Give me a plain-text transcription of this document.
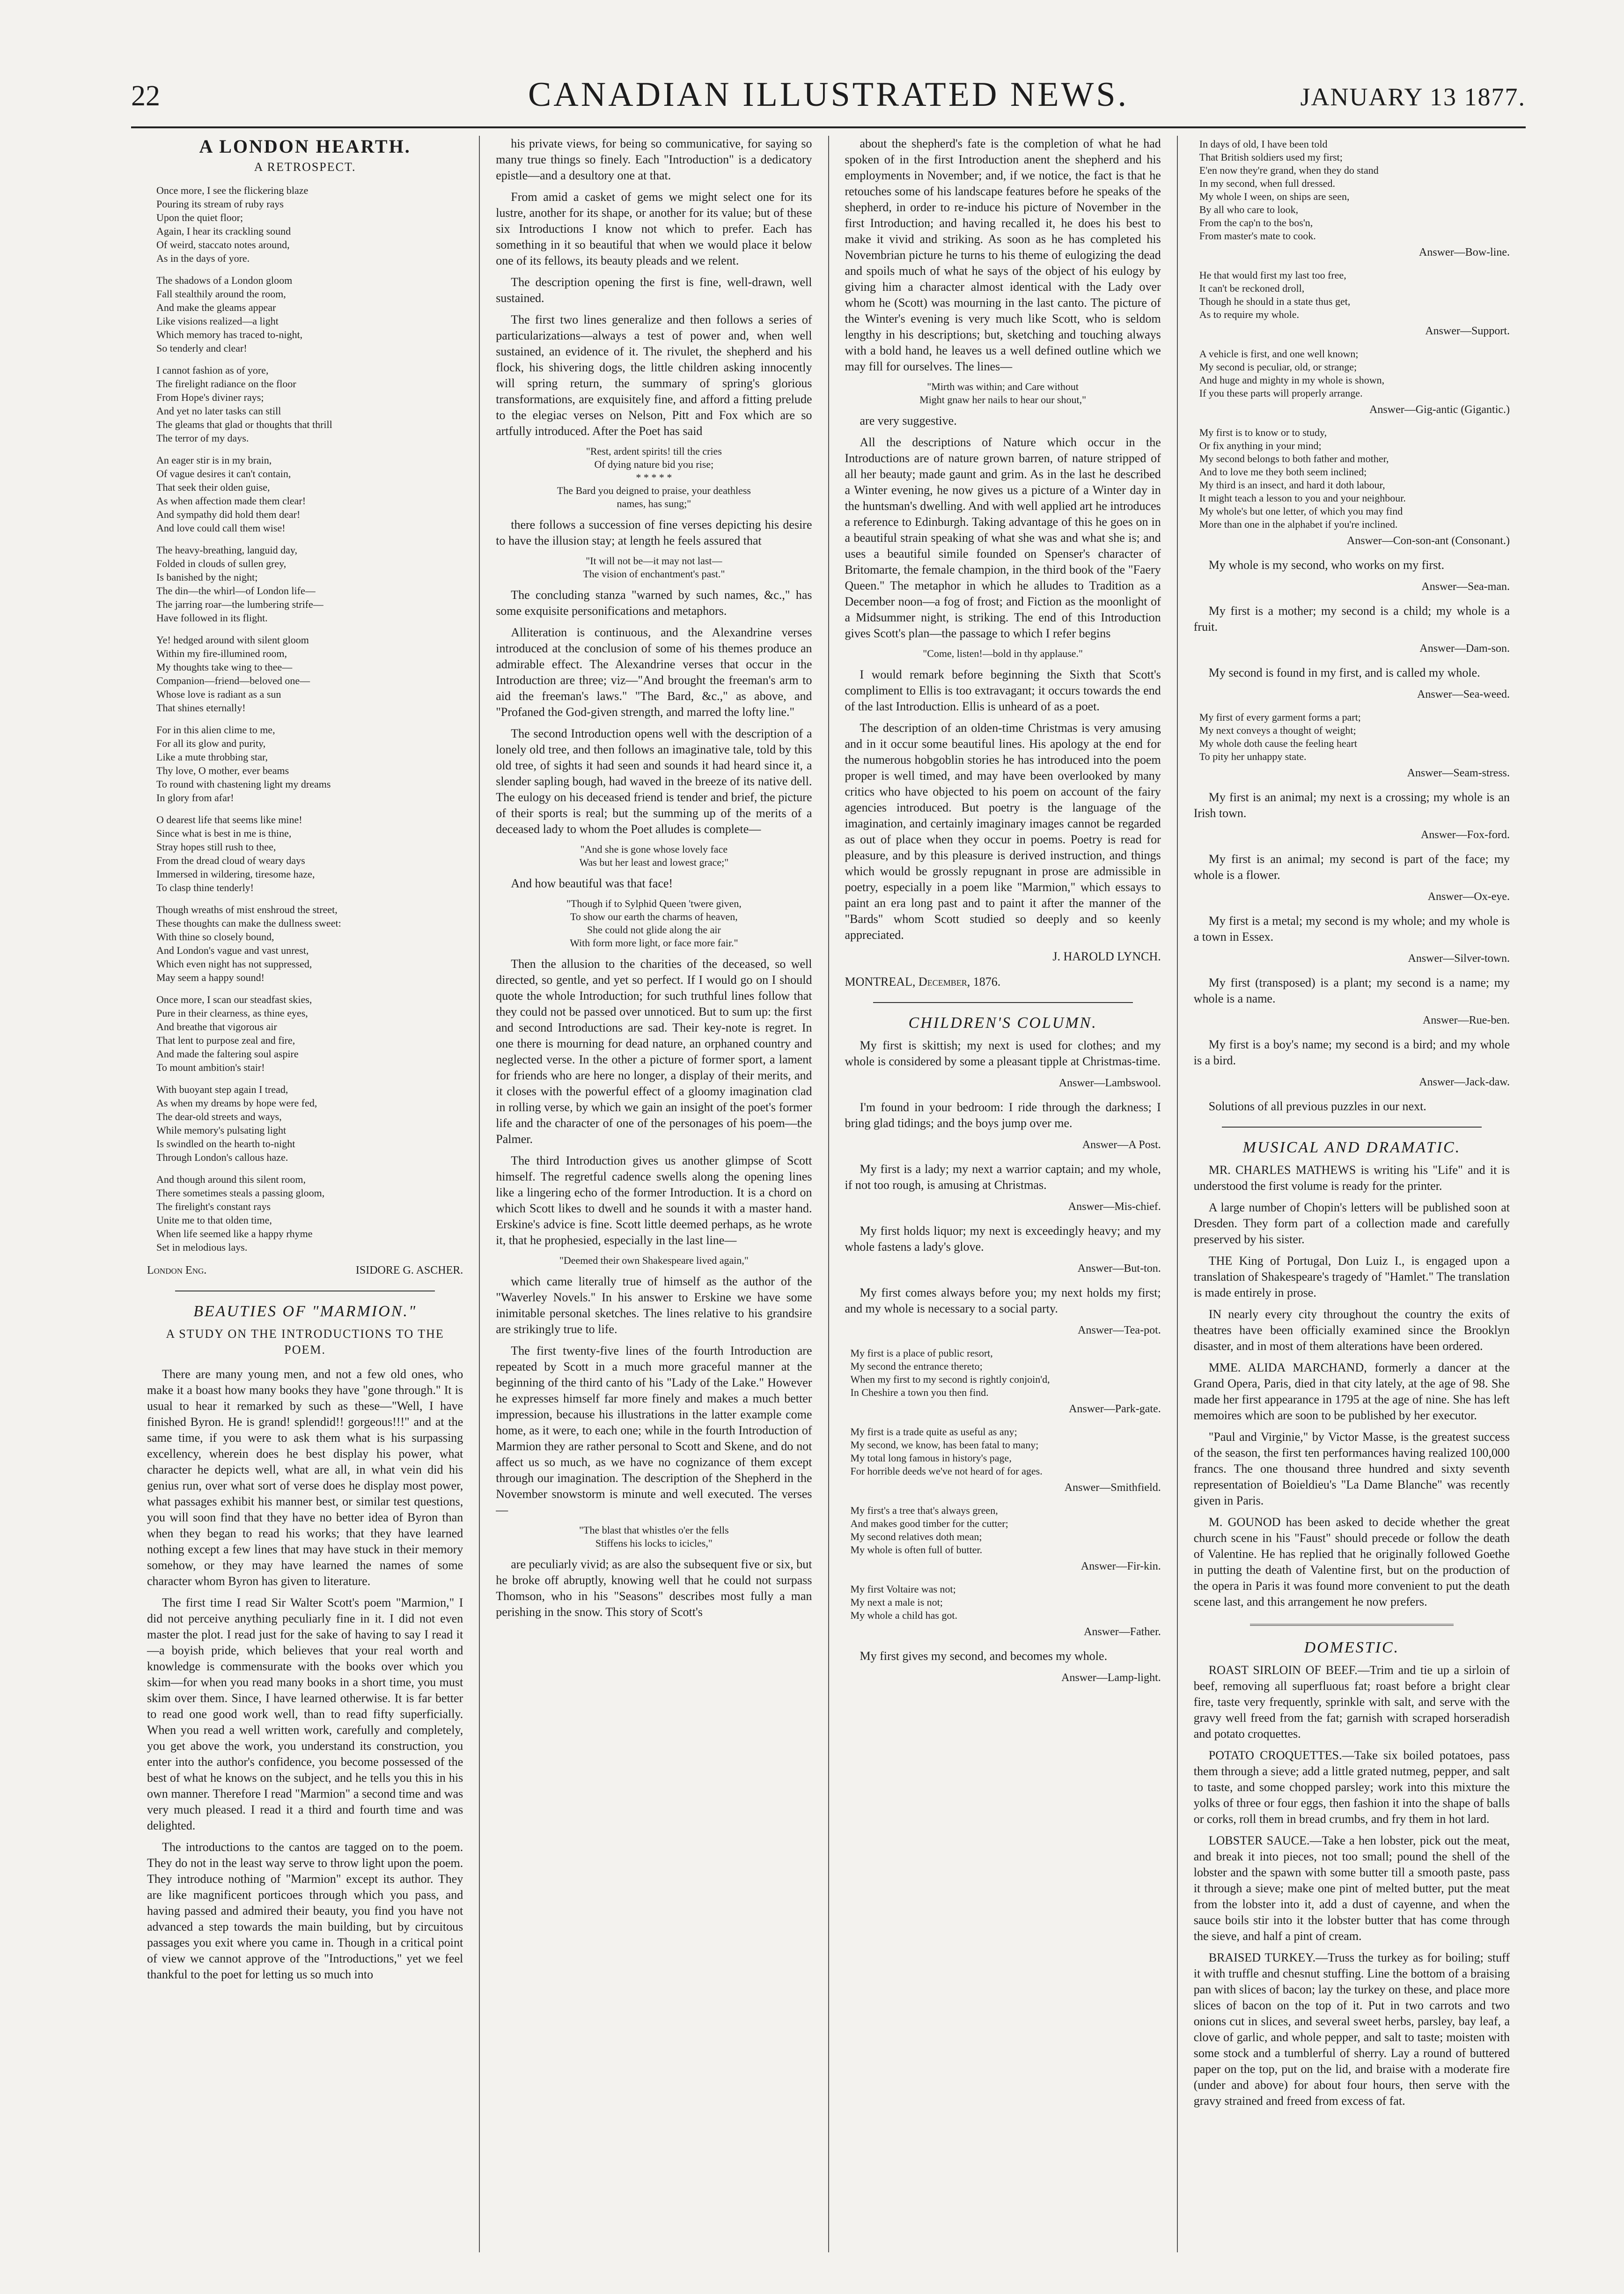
22	CANADIAN ILLUSTRATED NEWS.	JANUARY 13 1877.
A LONDON HEARTH.
A RETROSPECT.
Once more, I see the flickering blaze
Pouring its stream of ruby rays
Upon the quiet floor;
Again, I hear its crackling sound
Of weird, staccato notes around,
As in the days of yore.
The shadows of a London gloom
Fall stealthily around the room,
And make the gleams appear
Like visions realized—a light
Which memory has traced to-night,
So tenderly and clear!
I cannot fashion as of yore,
The firelight radiance on the floor
From Hope's diviner rays;
And yet no later tasks can still
The gleams that glad or thoughts that thrill
The terror of my days.
An eager stir is in my brain,
Of vague desires it can't contain,
That seek their olden guise,
As when affection made them clear!
And sympathy did hold them dear!
And love could call them wise!
The heavy-breathing, languid day,
Folded in clouds of sullen grey,
Is banished by the night;
The din—the whirl—of London life—
The jarring roar—the lumbering strife—
Have followed in its flight.
Ye! hedged around with silent gloom
Within my fire-illumined room,
My thoughts take wing to thee—
Companion—friend—beloved one—
Whose love is radiant as a sun
That shines eternally!
For in this alien clime to me,
For all its glow and purity,
Like a mute throbbing star,
Thy love, O mother, ever beams
To round with chastening light my dreams
In glory from afar!
O dearest life that seems like mine!
Since what is best in me is thine,
Stray hopes still rush to thee,
From the dread cloud of weary days
Immersed in wildering, tiresome haze,
To clasp thine tenderly!
Though wreaths of mist enshroud the street,
These thoughts can make the dullness sweet:
With thine so closely bound,
And London's vague and vast unrest,
Which even night has not suppressed,
May seem a happy sound!
Once more, I scan our steadfast skies,
Pure in their clearness, as thine eyes,
And breathe that vigorous air
That lent to purpose zeal and fire,
And made the faltering soul aspire
To mount ambition's stair!
With buoyant step again I tread,
As when my dreams by hope were fed,
The dear-old streets and ways,
While memory's pulsating light
Is swindled on the hearth to-night
Through London's callous haze.
And though around this silent room,
There sometimes steals a passing gloom,
The firelight's constant rays
Unite me to that olden time,
When life seemed like a happy rhyme
Set in melodious lays.
London Eng.	ISIDORE G. ASCHER.
BEAUTIES OF "MARMION."
A STUDY ON THE INTRODUCTIONS TO THE POEM.

There are many young men, and not a few old ones, who make it a boast how many books they have "gone through." It is usual to hear it remarked by such as these—"Well, I have finished Byron. He is grand! splendid!! gorgeous!!!" and at the same time, if you were to ask them what is his surpassing excellency, wherein does he best display his power, what character he depicts well, what are all, in what vein did his genius run, over what sort of verse does he display most power, what passages exhibit his manner best, or similar test questions, you will soon find that they have no better idea of Byron than when they began to read his works; that they have learned nothing except a few lines that may have stuck in their memory somehow, or they may have learned the names of some character whom Byron has given to literature.

The first time I read Sir Walter Scott's poem "Marmion," I did not perceive anything peculiarly fine in it. I did not even master the plot. I read just for the sake of having to say I read it—a boyish pride, which believes that your real worth and knowledge is commensurate with the books over which you skim—for when you read many books in a short time, you must skim over them. Since, I have learned otherwise. It is far better to read one good work well, than to read fifty superficially. When you read a well written work, carefully and completely, you get above the work, you understand its construction, you enter into the author's confidence, you become possessed of the best of what he knows on the subject, and he tells you this in his own manner. Therefore I read "Marmion" a second time and was very much pleased. I read it a third and fourth time and was delighted.

The introductions to the cantos are tagged on to the poem. They do not in the least way serve to throw light upon the poem. They introduce nothing of "Marmion" except its author. They are like magnificent porticoes through which you pass, and having passed and admired their beauty, you find you have not advanced a step towards the main building, but by circuitous passages you exit where you came in. Though in a critical point of view we cannot approve of the "Introductions," yet we feel thankful to the poet for letting us so much into

his private views, for being so communicative, for saying so many true things so finely. Each "Introduction" is a dedicatory epistle—and a desultory one at that.

From amid a casket of gems we might select one for its lustre, another for its shape, or another for its value; but of these six Introductions I know not which to prefer. Each has something in it so beautiful that when we would place it below one of its fellows, its beauty pleads and we relent.

The description opening the first is fine, well-drawn, well sustained.

The first two lines generalize and then follows a series of particularizations—always a test of power and, when well sustained, an evidence of it. The rivulet, the shepherd and his flock, his shivering dogs, the little children asking innocently will spring return, the summary of spring's glorious transformations, are exquisitely fine, and afford a fitting prelude to the elegiac verses on Nelson, Pitt and Fox which are so artfully introduced. After the Poet has said

"Rest, ardent spirits! till the cries
Of dying nature bid you rise;
* * * * *
The Bard you deigned to praise, your deathless
names, has sung;"

there follows a succession of fine verses depicting his desire to have the illusion stay; at length he feels assured that

"It will not be—it may not last—
The vision of enchantment's past."

The concluding stanza "warned by such names, &c.," has some exquisite personifications and metaphors.

Alliteration is continuous, and the Alexandrine verses introduced at the conclusion of some of his themes produce an admirable effect. The Alexandrine verses that occur in the Introduction are three; viz—"And brought the freeman's arm to aid the freeman's laws." "The Bard, &c.," as above, and "Profaned the God-given strength, and marred the lofty line."

The second Introduction opens well with the description of a lonely old tree, and then follows an imaginative tale, told by this old tree, of sights it had seen and sounds it had heard since it, a slender sapling bough, had waved in the breeze of its native dell. The eulogy on his deceased friend is tender and brief, the picture of their sports is real; but the summing up of the merits of a deceased lady to whom the Poet alludes is complete—

"And she is gone whose lovely face
Was but her least and lowest grace;"

And how beautiful was that face!

"Though if to Sylphid Queen 'twere given,
To show our earth the charms of heaven,
She could not glide along the air
With form more light, or face more fair."

Then the allusion to the charities of the deceased, so well directed, so gentle, and yet so perfect. If I would go on I should quote the whole Introduction; for such truthful lines follow that they could not be passed over unnoticed. But to sum up: the first and second Introductions are sad. Their key-note is regret. In one there is mourning for dead nature, an orphaned country and neglected verse. In the other a picture of former sport, a lament for friends who are here no longer, a display of their merits, and it closes with the powerful effect of a gloomy imagination clad in rolling verse, by which we gain an insight of the poet's former life and the character of one of the personages of his poem—the Palmer.

The third Introduction gives us another glimpse of Scott himself. The regretful cadence swells along the opening lines like a lingering echo of the former Introduction. It is a chord on which Scott likes to dwell and he sounds it with a master hand. Erskine's advice is fine. Scott little deemed perhaps, as he wrote it, that he prophesied, especially in the last line—

"Deemed their own Shakespeare lived again,"

which came literally true of himself as the author of the "Waverley Novels." In his answer to Erskine we have some inimitable personal sketches. The lines relative to his grandsire are strikingly true to life.

The first twenty-five lines of the fourth Introduction are repeated by Scott in a much more graceful manner at the beginning of the third canto of his "Lady of the Lake." However he expresses himself far more finely and makes a much better impression, because his illustrations in the latter example come home, as it were, to each one; while in the fourth Introduction of Marmion they are rather personal to Scott and Skene, and do not affect us so much, as we have no cognizance of them except through our imagination. The description of the Shepherd in the November snowstorm is minute and well executed. The verses—

"The blast that whistles o'er the fells
Stiffens his locks to icicles,"

are peculiarly vivid; as are also the subsequent five or six, but he broke off abruptly, knowing well that he could not surpass Thomson, who in his "Seasons" describes most fully a man perishing in the snow. This story of Scott's

about the shepherd's fate is the completion of what he had spoken of in the first Introduction anent the shepherd and his employments in November; and, if we notice, the fact is that he retouches some of his landscape features before he speaks of the shepherd, in order to re-induce his picture of November in the first Introduction; and having recalled it, he does his best to make it vivid and striking. As soon as he has completed his Novembrian picture he turns to his theme of eulogizing the dead and spoils much of what he says of the object of his eulogy by giving him a character almost identical with the Lady over whom he (Scott) was mourning in the last canto. The picture of the Winter's evening is very much like Scott, who is seldom lengthy in his descriptions; but, sketching and touching always with a bold hand, he leaves us a well defined outline which we may fill for ourselves. The lines—

"Mirth was within; and Care without
Might gnaw her nails to hear our shout,"

are very suggestive.

All the descriptions of Nature which occur in the Introductions are of nature grown barren, of nature stripped of all her beauty; made gaunt and grim. As in the last he described a Winter evening, he now gives us a picture of a Winter day in the huntsman's dwelling. And with well applied art he introduces a reference to Edinburgh. Taking advantage of this he goes on in a beautiful strain speaking of what she was and what she is; and uses a beautiful simile founded on Spenser's character of Britomarte, the female champion, in the third book of the "Faery Queen." The metaphor in which he alludes to Tradition as a December noon—a fog of frost; and Fiction as the moonlight of a Midsummer night, is striking. The end of this Introduction gives Scott's plan—the passage to which I refer begins

"Come, listen!—bold in thy applause."

I would remark before beginning the Sixth that Scott's compliment to Ellis is too extravagant; it occurs towards the end of the last Introduction. Ellis is unheard of as a poet.

The description of an olden-time Christmas is very amusing and in it occur some beautiful lines. His apology at the end for the numerous hobgoblin stories he has introduced into the poem proper is well timed, and may have been overlooked by many critics who have objected to his poem on account of the fairy agencies introduced. But poetry is the language of the imagination, and certainly imaginary images cannot be regarded as out of place when they occur in poems. Poetry is read for pleasure, and by this pleasure is derived instruction, and things which would be grossly repugnant in prose are admissible in poetry, especially in a poem like "Marmion," which essays to paint an era long past and to paint it after the manner of the "Bards" whom Scott studied so deeply and so keenly appreciated.

J. HAROLD LYNCH.
MONTREAL, December, 1876.
CHILDREN'S COLUMN.

My first is skittish; my next is used for clothes; and my whole is considered by some a pleasant tipple at Christmas-time.

Answer—Lambswool.

I'm found in your bedroom: I ride through the darkness; I bring glad tidings; and the boys jump over me.

Answer—A Post.

My first is a lady; my next a warrior captain; and my whole, if not too rough, is amusing at Christmas.

Answer—Mis-chief.

My first holds liquor; my next is exceedingly heavy; and my whole fastens a lady's glove.

Answer—But-ton.

My first comes always before you; my next holds my first; and my whole is necessary to a social party.

Answer—Tea-pot.
My first is a place of public resort,
My second the entrance thereto;
When my first to my second is rightly conjoin'd,
In Cheshire a town you then find.
Answer—Park-gate.
My first is a trade quite as useful as any;
My second, we know, has been fatal to many;
My total long famous in history's page,
For horrible deeds we've not heard of for ages.
Answer—Smithfield.
My first's a tree that's always green,
And makes good timber for the cutter;
My second relatives doth mean;
My whole is often full of butter.
Answer—Fir-kin.
My first Voltaire was not;
My next a male is not;
My whole a child has got.
Answer—Father.

My first gives my second, and becomes my whole.

Answer—Lamp-light.
In days of old, I have been told
That British soldiers used my first;
E'en now they're grand, when they do stand
In my second, when full dressed.
My whole I ween, on ships are seen,
By all who care to look,
From the cap'n to the bos'n,
From master's mate to cook.
Answer—Bow-line.
He that would first my last too free,
It can't be reckoned droll,
Though he should in a state thus get,
As to require my whole.
Answer—Support.
A vehicle is first, and one well known;
My second is peculiar, old, or strange;
And huge and mighty in my whole is shown,
If you these parts will properly arrange.
Answer—Gig-antic (Gigantic.)
My first is to know or to study,
Or fix anything in your mind;
My second belongs to both father and mother,
And to love me they both seem inclined;
My third is an insect, and hard it doth labour,
It might teach a lesson to you and your neighbour.
My whole's but one letter, of which you may find
More than one in the alphabet if you're inclined.
Answer—Con-son-ant (Consonant.)

My whole is my second, who works on my first.

Answer—Sea-man.

My first is a mother; my second is a child; my whole is a fruit.

Answer—Dam-son.

My second is found in my first, and is called my whole.

Answer—Sea-weed.
My first of every garment forms a part;
My next conveys a thought of weight;
My whole doth cause the feeling heart
To pity her unhappy state.
Answer—Seam-stress.

My first is an animal; my next is a crossing; my whole is an Irish town.

Answer—Fox-ford.

My first is an animal; my second is part of the face; my whole is a flower.

Answer—Ox-eye.

My first is a metal; my second is my whole; and my whole is a town in Essex.

Answer—Silver-town.

My first (transposed) is a plant; my second is a name; my whole is a name.

Answer—Rue-ben.

My first is a boy's name; my second is a bird; and my whole is a bird.

Answer—Jack-daw.

Solutions of all previous puzzles in our next.

MUSICAL AND DRAMATIC.

MR. CHARLES MATHEWS is writing his "Life" and it is understood the first volume is ready for the printer.

A large number of Chopin's letters will be published soon at Dresden. They form part of a collection made and carefully preserved by his sister.

THE King of Portugal, Don Luiz I., is engaged upon a translation of Shakespeare's tragedy of "Hamlet." The translation is made entirely in prose.

IN nearly every city throughout the country the exits of theatres have been officially examined since the Brooklyn disaster, and in most of them alterations have been ordered.

MME. ALIDA MARCHAND, formerly a dancer at the Grand Opera, Paris, died in that city lately, at the age of 98. She made her first appearance in 1795 at the age of nine. She has left memoires which are soon to be published by her executor.

"Paul and Virginie," by Victor Masse, is the greatest success of the season, the first ten performances having realized 100,000 francs. The one thousand three hundred and sixty seventh representation of Boieldieu's "La Dame Blanche" was recently given in Paris.

M. GOUNOD has been asked to decide whether the great church scene in his "Faust" should precede or follow the death of Valentine. He has replied that he originally followed Goethe in putting the death of Valentine first, but on the production of the opera in Paris it was found more convenient to put the death scene last, and this arrangement he now prefers.

DOMESTIC.

ROAST SIRLOIN OF BEEF.—Trim and tie up a sirloin of beef, removing all superfluous fat; roast before a bright clear fire, taste very frequently, sprinkle with salt, and serve with the gravy well freed from the fat; garnish with scraped horseradish and potato croquettes.

POTATO CROQUETTES.—Take six boiled potatoes, pass them through a sieve; add a little grated nutmeg, pepper, and salt to taste, and some chopped parsley; work into this mixture the yolks of three or four eggs, then fashion it into the shape of balls or corks, roll them in bread crumbs, and fry them in hot lard.

LOBSTER SAUCE.—Take a hen lobster, pick out the meat, and break it into pieces, not too small; pound the shell of the lobster and the spawn with some butter till a smooth paste, pass it through a sieve; make one pint of melted butter, put the meat from the lobster into it, add a dust of cayenne, and when the sauce boils stir into it the lobster butter that has come through the sieve, and half a pint of cream.

BRAISED TURKEY.—Truss the turkey as for boiling; stuff it with truffle and chesnut stuffing. Line the bottom of a braising pan with slices of bacon; lay the turkey on these, and place more slices of bacon on the top of it. Put in two carrots and two onions cut in slices, and several sweet herbs, parsley, bay leaf, a clove of garlic, and whole pepper, and salt to taste; moisten with some stock and a tumblerful of sherry. Lay a round of buttered paper on the top, put on the lid, and braise with a moderate fire (under and above) for about four hours, then serve with the gravy strained and freed from excess of fat.
